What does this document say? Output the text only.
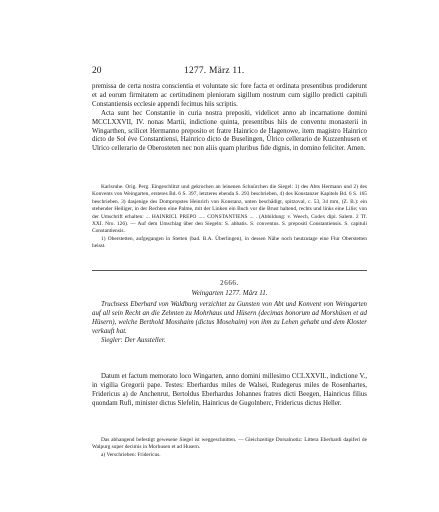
20	1277. März 11.

premissa de certa nostra conscientia et voluntate sic fore facta et ordinata presentibus prodiderunt et ad eorum firmitatem ac certitudinem plenioram sigillum nostrum cum sigillo predicti capituli Constantiensis ecclesie appendi fecimus hiis scriptis.

Acta sunt hec Constantie in curia nostra preposíti, videlicet anno ab incarnatione domini MCCLXXVII, IV. nonas Martii, indictione quinta, presentibus hiis de conventu monasterii in Wingarthen, scilicet Hermanno preposito et fratre Hainrico de Hagenowe, item magistro Hainrico dicto de Sol éve Constantiensi, Hainrico dicto de Buselingen, Ůlrico cellerario de Kuzzenhusen et Ulrico cellerario de Oberosteten nec non aliis quam pluribus fide dignis, in domino feliciter. Amen.

Karlsruhe. Orig. Perg. Eingeschlitzt und gekrochen an leinenen Schnürchen die Siegel: 1) des Abts Hermann und 2) des Konvents von Weingarten, ersteres Bd. 6 S. 397, letzteres ebenda S. 293 beschrieben, 4) des Konstanzer Kapitels Bd. 6 S. 165 beschrieben. 3) dasjenige des Dompropstes Heinrich von Konstanz, unten beschädigt, spitzoval, c. 53, 34 mm, (Z. B.): ein stehender Heiliger, in der Rechten eine Palme, mit der Linken ein Buch vor die Brust haltend, rechts und links eine Lilie; von der Umschrift erhalten: ... HAINRICI. PREPO ..... CONSTANTIENS ... . (Abbildung: v. Weech, Codex dipl. Salem. 2 Tf. XXI. Nro. 126). — Auf dem Umschlag über den Siegeln: S. abbatis. S. conventus. S. prepositi Constantiensis. S. capituli Constantiensis.

1) Oberstetten, aufgegangen in Stetten (bad. B.A. Überlingen), in dessen Nähe noch heutzutage eine Flur Oberstetten heisst.

2666.
Weingarten 1277. März 11.

Truchsess Eberhard von Waldburg verzichtet zu Gunsten von Abt und Konvent von Weingarten auf all sein Recht an die Zehnten zu Mohrhaus und Hüsern (decimas bonorum ad Morshüsen et ad Hüsern), welche Berthold Mosshaim (dictus Mosehaim) von ihm zu Lehen gehabt und dem Kloster verkauft hat.

Siegler: Der Aussteller.

Datum et factum memorato loco Wingarten, anno domini millesimo CCLXXVII., indictione V., in vigilia Gregorii pape. Testes: Eberhardus miles de Walsei, Rudegerus miles de Rosenhartes, Fridericus a) de Anchenrut, Bertoldus Eberhardus Johannes fratres dicti Beegen, Hainricus filius quondam Rufi, minister dictus Slefelin, Hainricus de Gugolnberc, Fridericus dictus Heller.

Das abhangend befestigt gewesene Siegel ist weggeschnitten. — Gleichzeitige Dorsalnotiz: Littera Eberhardi dapiferi de Walpurg super decimis in Morhusen et ad Husern.

a) Verschrieben: Fridericus.
